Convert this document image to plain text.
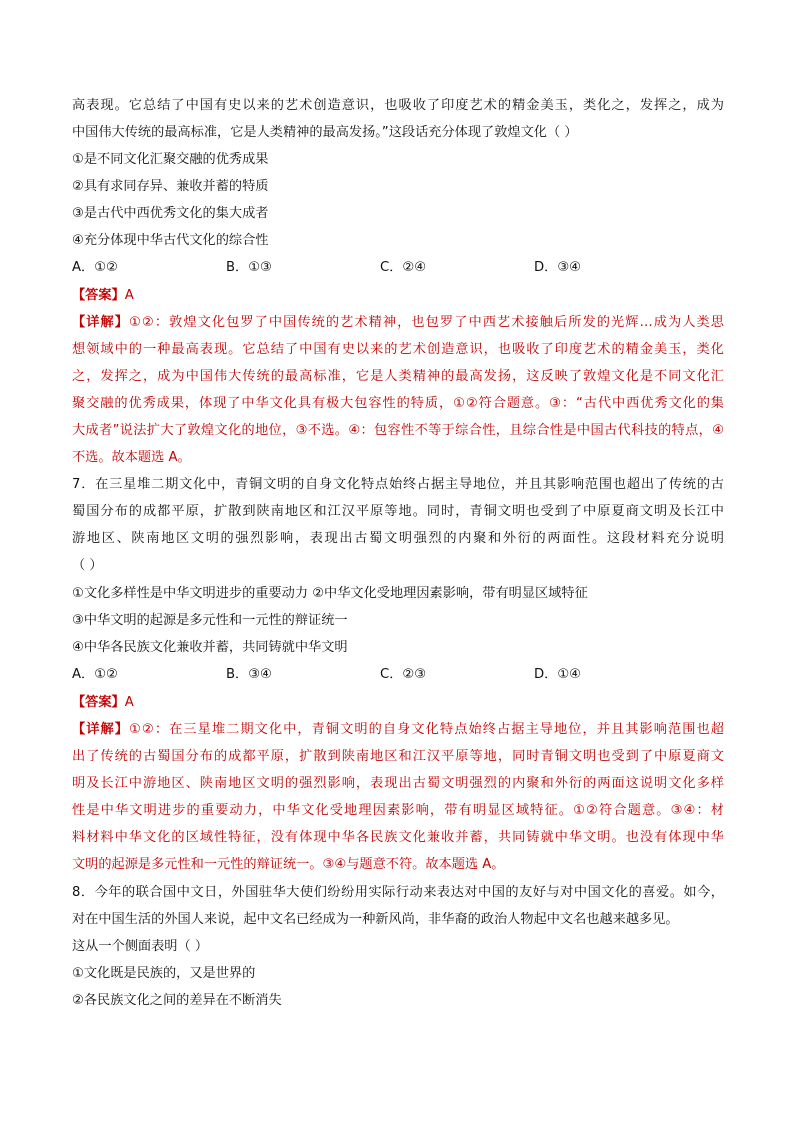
高表现。它总结了中国有史以来的艺术创造意识，也吸收了印度艺术的精金美玉，类化之，发挥之，成为
中国伟大传统的最高标准，它是人类精神的最高发扬。”这段话充分体现了敦煌文化（ ）
①是不同文化汇聚交融的优秀成果
②具有求同存异、兼收并蓄的特质
③是古代中西优秀文化的集大成者
④充分体现中华古代文化的综合性
A．①②	B．①③	C．②④	D．③④
【答案】A
【详解】①②：敦煌文化包罗了中国传统的艺术精神，也包罗了中西艺术接触后所发的光辉…成为人类思
想领域中的一种最高表现。它总结了中国有史以来的艺术创造意识，也吸收了印度艺术的精金美玉，类化
之，发挥之，成为中国伟大传统的最高标准，它是人类精神的最高发扬，这反映了敦煌文化是不同文化汇
聚交融的优秀成果，体现了中华文化具有极大包容性的特质，①②符合题意。③：“古代中西优秀文化的集
大成者”说法扩大了敦煌文化的地位，③不选。④：包容性不等于综合性，且综合性是中国古代科技的特点，④
不选。故本题选 A。
7．在三星堆二期文化中，青铜文明的自身文化特点始终占据主导地位，并且其影响范围也超出了传统的古
蜀国分布的成都平原，扩散到陕南地区和江汉平原等地。同时，青铜文明也受到了中原夏商文明及长江中
游地区、陕南地区文明的强烈影响，表现出古蜀文明强烈的内聚和外衍的两面性。这段材料充分说明
（ ）
①文化多样性是中华文明进步的重要动力 ②中华文化受地理因素影响，带有明显区域特征
③中华文明的起源是多元性和一元性的辩证统一
④中华各民族文化兼收并蓄，共同铸就中华文明
A．①②	B．③④	C．②③	D．①④
【答案】A
【详解】①②：在三星堆二期文化中，青铜文明的自身文化特点始终占据主导地位，并且其影响范围也超
出了传统的古蜀国分布的成都平原，扩散到陕南地区和江汉平原等地，同时青铜文明也受到了中原夏商文
明及长江中游地区、陕南地区文明的强烈影响，表现出古蜀文明强烈的内聚和外衍的两面这说明文化多样
性是中华文明进步的重要动力，中华文化受地理因素影响，带有明显区域特征。①②符合题意。③④：材
料材料中华文化的区域性特征，没有体现中华各民族文化兼收并蓄，共同铸就中华文明。也没有体现中华
文明的起源是多元性和一元性的辩证统一。③④与题意不符。故本题选 A。
8．今年的联合国中文日，外国驻华大使们纷纷用实际行动来表达对中国的友好与对中国文化的喜爱。如今，
对在中国生活的外国人来说，起中文名已经成为一种新风尚，非华裔的政治人物起中文名也越来越多见。
这从一个侧面表明（ ）
①文化既是民族的，又是世界的
②各民族文化之间的差异在不断消失
